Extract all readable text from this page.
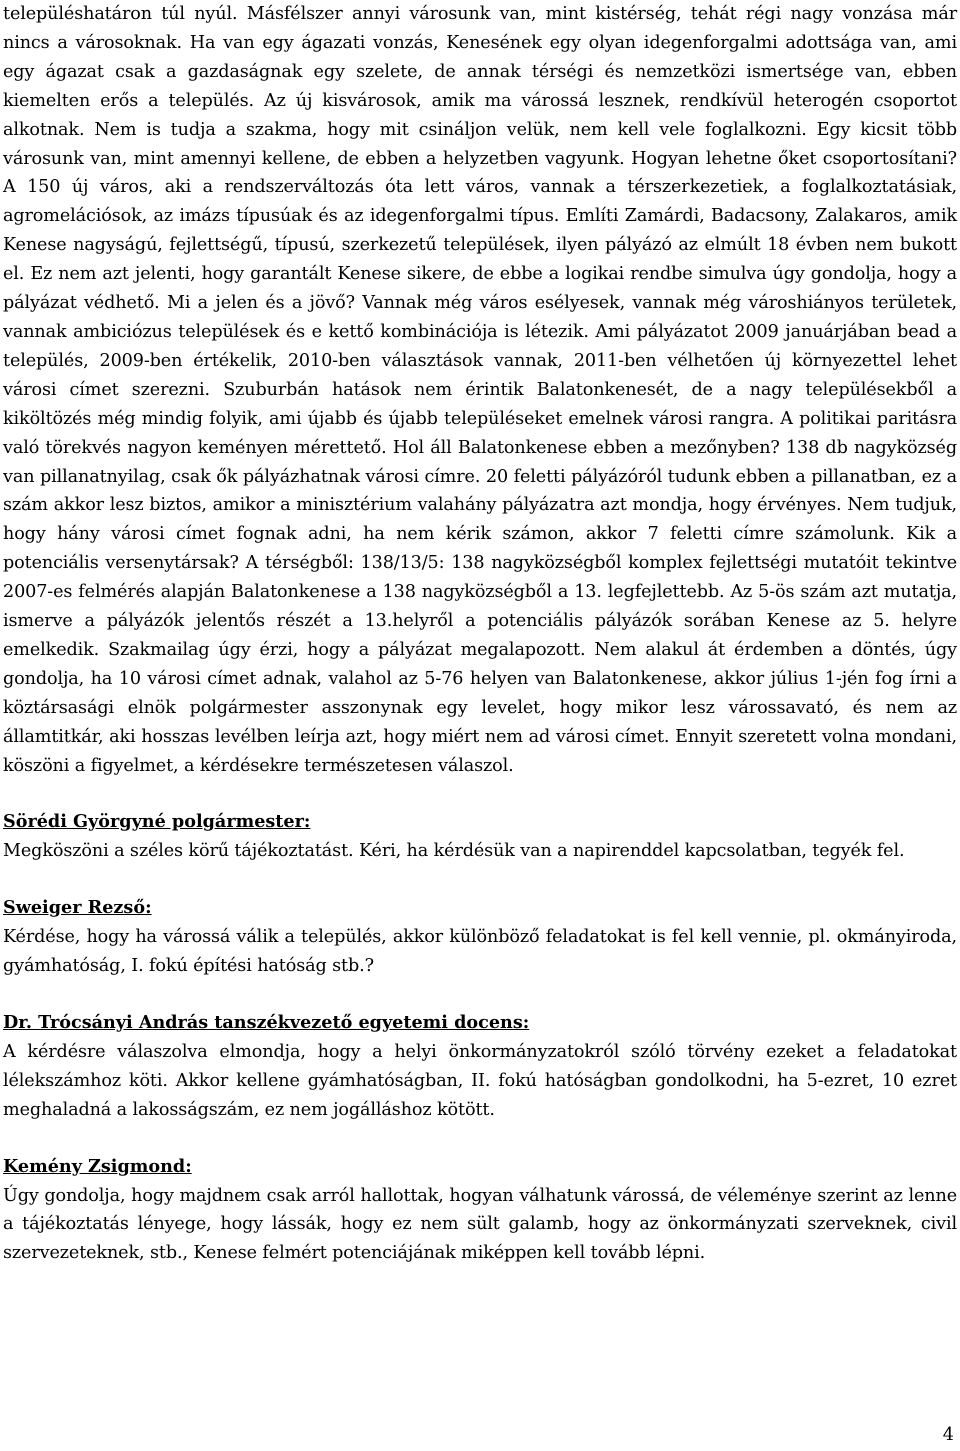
településhatáron túl nyúl. Másfélszer annyi városunk van, mint kistérség, tehát régi nagy vonzása már nincs a városoknak. Ha van egy ágazati vonzás, Kenesének egy olyan idegenforgalmi adottsága van, ami egy ágazat csak a gazdaságnak egy szelete, de annak térségi és nemzetközi ismertsége van, ebben kiemelten erős a település. Az új kisvárosok, amik ma várossá lesznek, rendkívül heterogén csoportot alkotnak. Nem is tudja a szakma, hogy mit csináljon velük, nem kell vele foglalkozni. Egy kicsit több városunk van, mint amennyi kellene, de ebben a helyzetben vagyunk. Hogyan lehetne őket csoportosítani? A 150 új város, aki a rendszerváltozás óta lett város, vannak a térszerkezetiek, a foglalkoztatásiak, agromelációsok, az imázs típusúak és az idegenforgalmi típus. Említi Zamárdi, Badacsony, Zalakaros, amik Kenese nagyságú, fejlettségű, típusú, szerkezetű települések, ilyen pályázó az elmúlt 18 évben nem bukott el. Ez nem azt jelenti, hogy garantált Kenese sikere, de ebbe a logikai rendbe simulva úgy gondolja, hogy a pályázat védhető. Mi a jelen és a jövő? Vannak még város esélyesek, vannak még városhiányos területek, vannak ambiciózus települések és e kettő kombinációja is létezik. Ami pályázatot 2009 januárjában bead a település, 2009-ben értékelik, 2010-ben választások vannak, 2011-ben vélhetően új környezettel lehet városi címet szerezni. Szuburbán hatások nem érintik Balatonkenesét, de a nagy településekből a kiköltözés még mindig folyik, ami újabb és újabb településeket emelnek városi rangra. A politikai paritásra való törekvés nagyon keményen mérettető. Hol áll Balatonkenese ebben a mezőnyben? 138 db nagyközség van pillanatnyilag, csak ők pályázhatnak városi címre. 20 feletti pályázóról tudunk ebben a pillanatban, ez a szám akkor lesz biztos, amikor a minisztérium valahány pályázatra azt mondja, hogy érvényes. Nem tudjuk, hogy hány városi címet fognak adni, ha nem kérik számon, akkor 7 feletti címre számolunk. Kik a potenciális versenytársak? A térségből: 138/13/5: 138 nagyközségből komplex fejlettségi mutatóit tekintve 2007-es felmérés alapján Balatonkenese a 138 nagyközségből a 13. legfejlettebb. Az 5-ös szám azt mutatja, ismerve a pályázók jelentős részét a 13.helyről a potenciális pályázók sorában Kenese az 5. helyre emelkedik. Szakmailag úgy érzi, hogy a pályázat megalapozott. Nem alakul át érdemben a döntés, úgy gondolja, ha 10 városi címet adnak, valahol az 5-76 helyen van Balatonkenese, akkor július 1-jén fog írni a köztársasági elnök polgármester asszonynak egy levelet, hogy mikor lesz várossavató, és nem az államtitkár, aki hosszas levélben leírja azt, hogy miért nem ad városi címet. Ennyit szeretett volna mondani, köszöni a figyelmet, a kérdésekre természetesen válaszol.

Sörédi Györgyné polgármester:

Megköszöni a széles körű tájékoztatást. Kéri, ha kérdésük van a napirenddel kapcsolatban, tegyék fel.

Sweiger Rezső:

Kérdése, hogy ha várossá válik a település, akkor különböző feladatokat is fel kell vennie, pl. okmányiroda, gyámhatóság, I. fokú építési hatóság stb.?

Dr. Trócsányi András tanszékvezető egyetemi docens:

A kérdésre válaszolva elmondja, hogy a helyi önkormányzatokról szóló törvény ezeket a feladatokat lélekszámhoz köti. Akkor kellene gyámhatóságban, II. fokú hatóságban gondolkodni, ha 5-ezret, 10 ezret meghaladná a lakosságszám, ez nem jogálláshoz kötött.

Kemény Zsigmond:

Úgy gondolja, hogy majdnem csak arról hallottak, hogyan válhatunk várossá, de véleménye szerint az lenne a tájékoztatás lényege, hogy lássák, hogy ez nem sült galamb, hogy az önkormányzati szerveknek, civil szervezeteknek, stb., Kenese felmért potenciájának miképpen kell tovább lépni.

4
